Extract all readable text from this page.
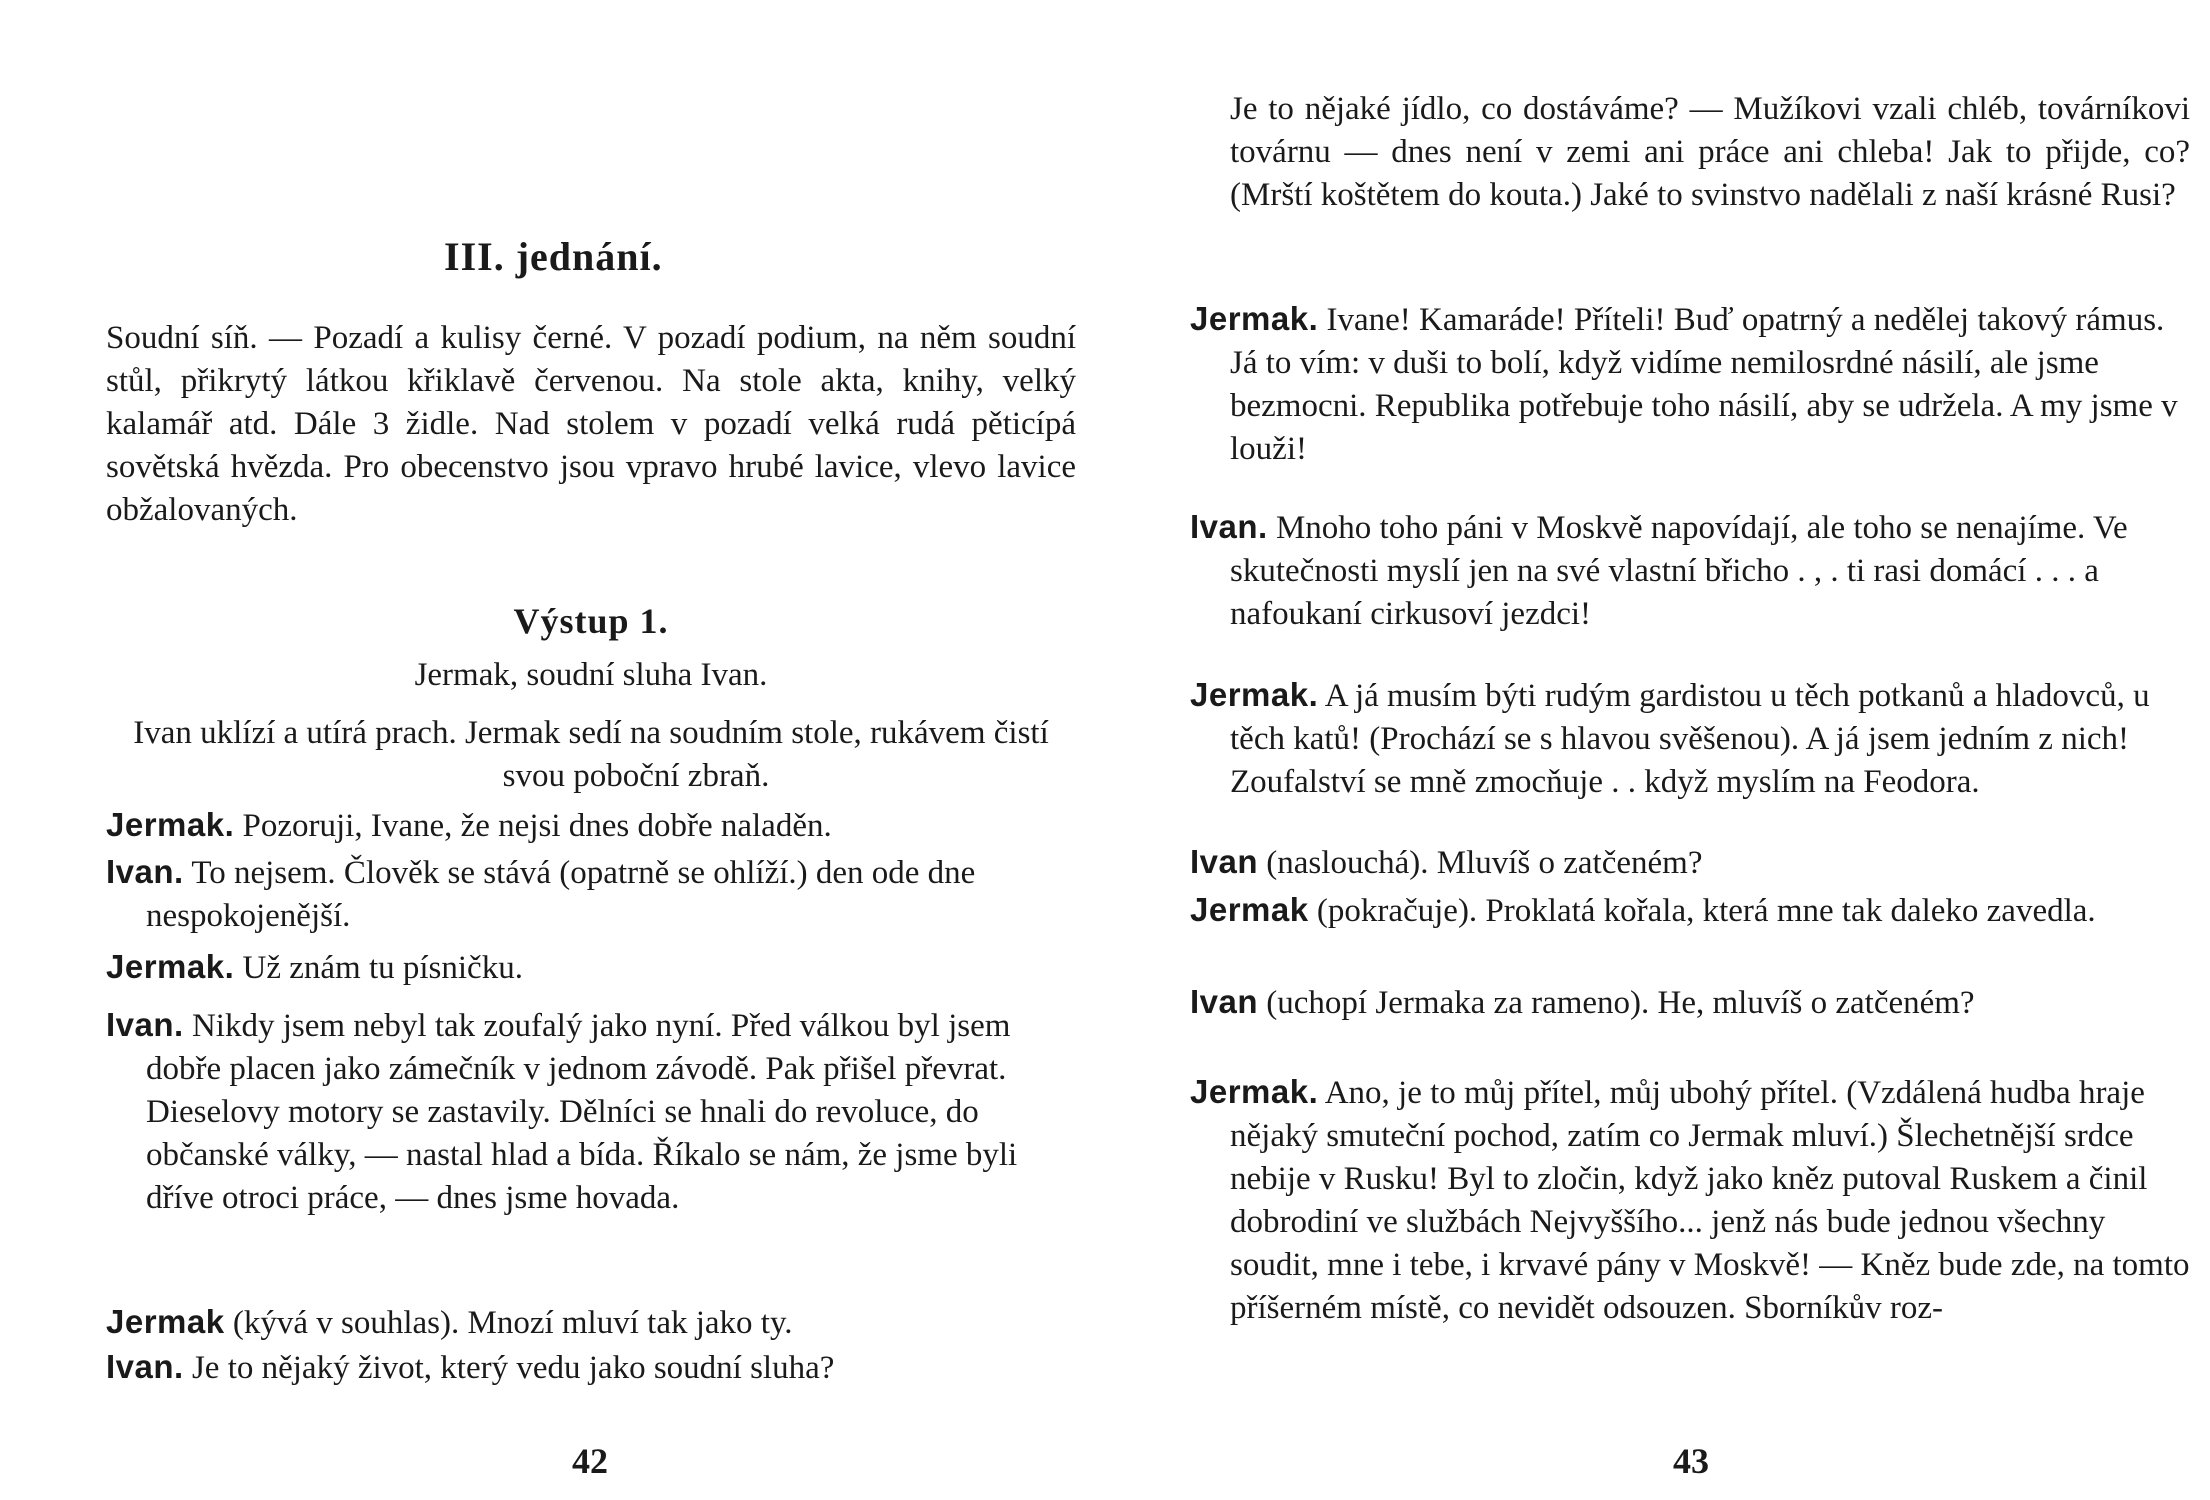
III. jednání.

Soudní síň. — Pozadí a kulisy černé. V pozadí podium, na něm soudní stůl, přikrytý látkou křiklavě červenou. Na stole akta, knihy, velký kalamář atd. Dále 3 židle. Nad stolem v pozadí velká rudá pěticípá sovětská hvězda. Pro obecenstvo jsou vpravo hrubé lavice, vlevo lavice obžalovaných.

Výstup 1.

Jermak, soudní sluha Ivan.

Ivan uklízí a utírá prach. Jermak sedí na soudním stole, rukávem čistí svou poboční zbraň.

Jermak. Pozoruji, Ivane, že nejsi dnes dobře naladěn.

Ivan. To nejsem. Člověk se stává (opatrně se ohlíží.) den ode dne nespokojenější.

Jermak. Už znám tu písničku.

Ivan. Nikdy jsem nebyl tak zoufalý jako nyní. Před válkou byl jsem dobře placen jako zámečník v jednom závodě. Pak přišel převrat. Dieselovy motory se zastavily. Dělníci se hnali do revoluce, do občanské války, — nastal hlad a bída. Říkalo se nám, že jsme byli dříve otroci práce, — dnes jsme hovada.

Jermak (kývá v souhlas). Mnozí mluví tak jako ty.

Ivan. Je to nějaký život, který vedu jako soudní sluha?

42

Je to nějaké jídlo, co dostáváme? — Mužíkovi vzali chléb, továrníkovi továrnu — dnes není v zemi ani práce ani chleba! Jak to přijde, co? (Mrští koštětem do kouta.) Jaké to svinstvo nadělali z naší krásné Rusi?

Jermak. Ivane! Kamaráde! Příteli! Buď opatrný a nedělej takový rámus. Já to vím: v duši to bolí, když vidíme nemilosrdné násilí, ale jsme bezmocni. Republika potřebuje toho násilí, aby se udržela. A my jsme v louži!

Ivan. Mnoho toho páni v Moskvě napovídají, ale toho se nenajíme. Ve skutečnosti myslí jen na své vlastní břicho . , . ti rasi domácí . . . a nafoukaní cirkusoví jezdci!

Jermak. A já musím býti rudým gardistou u těch potkanů a hladovců, u těch katů! (Prochází se s hlavou svěšenou). A já jsem jedním z nich! Zoufalství se mně zmocňuje . . když myslím na Feodora.

Ivan (naslouchá). Mluvíš o zatčeném?

Jermak (pokračuje). Proklatá kořala, která mne tak daleko zavedla.

Ivan (uchopí Jermaka za rameno). He, mluvíš o zatčeném?

Jermak. Ano, je to můj přítel, můj ubohý přítel. (Vzdálená hudba hraje nějaký smuteční pochod, zatím co Jermak mluví.) Šlechetnější srdce nebije v Rusku! Byl to zločin, když jako kněz putoval Ruskem a činil dobrodiní ve službách Nejvyššího... jenž nás bude jednou všechny soudit, mne i tebe, i krvavé pány v Moskvě! — Kněz bude zde, na tomto příšerném místě, co nevidět odsouzen. Sborníkův roz-

43
